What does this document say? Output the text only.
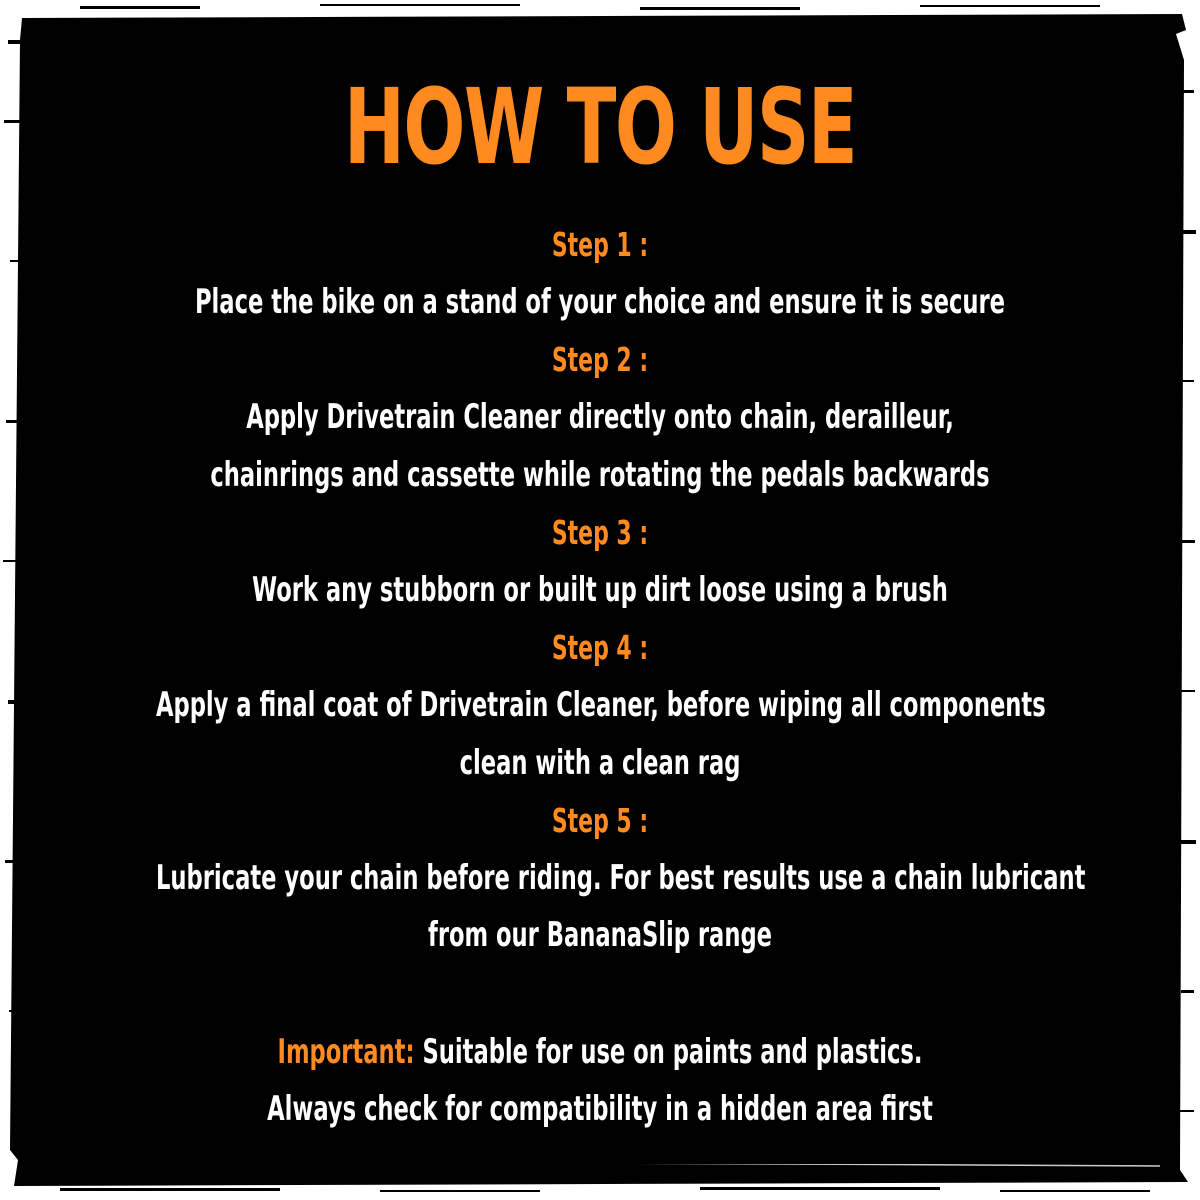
HOW TO USE
Step 1 :
Place the bike on a stand of your choice and ensure it is secure
Step 2 :
Apply Drivetrain Cleaner directly onto chain, derailleur,
chainrings and cassette while rotating the pedals backwards
Step 3 :
Work any stubborn or built up dirt loose using a brush
Step 4 :
Apply a final coat of Drivetrain Cleaner, before wiping all components
clean with a clean rag
Step 5 :
Lubricate your chain before riding. For best results use a chain lubricant
from our BananaSlip range
Important: Suitable for use on paints and plastics.
Always check for compatibility in a hidden area first
